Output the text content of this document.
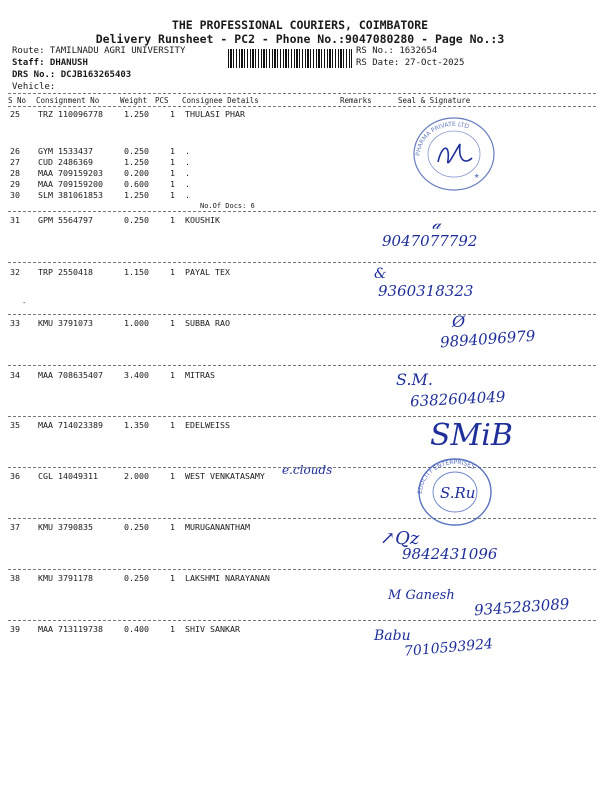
THE PROFESSIONAL COURIERS, COIMBATORE
Delivery Runsheet - PC2 - Phone No.:9047080280 - Page No.:3
Route: TAMILNADU AGRI UNIVERSITY
Staff: DHANUSH
DRS No.: DCJB163265403
Vehicle:
RS No.: 1632654
RS Date: 27-Oct-2025
S No Consignment No	Weight PCS Consignee Details	Remarks	Seal & Signature
25 TRZ 110096778	1.250	1 THULASI PHAR
26 GYM 1533437	0.250	1 .
27 CUD 2486369	1.250	1 .
28 MAA 709159203	0.200	1 .
29 MAA 709159200	0.600	1 .
30 SLM 381061853	1.250	1 .
No.Of Docs: 6
31 GPM 5564797	0.250	1 KOUSHIK
32 TRP 2550418	1.150	1 PAYAL TEX
-
33 KMU 3791073	1.000	1 SUBBA RAO
34 MAA 708635407	3.400	1 MITRAS
35 MAA 714023389	1.350	1 EDELWEISS
36 CGL 14049311	2.000	1 WEST VENKATASAMY
37 KMU 3790835	0.250	1 MURUGANANTHAM
38 KMU 3791178	0.250	1 LAKSHMI NARAYANAN
39 MAA 713119738	0.400	1 SHIV SANKAR
PHARMA PRIVATE LTD
★
𝒶
9047077792
&
9360318323
Ø
9894096979
S.M.
6382604049
SMiB
e.clouds
EDUCITY ENTERPRISES
S.Ru
↗Qz
9842431096
M Ganesh 9345283089
Babu
7010593924
